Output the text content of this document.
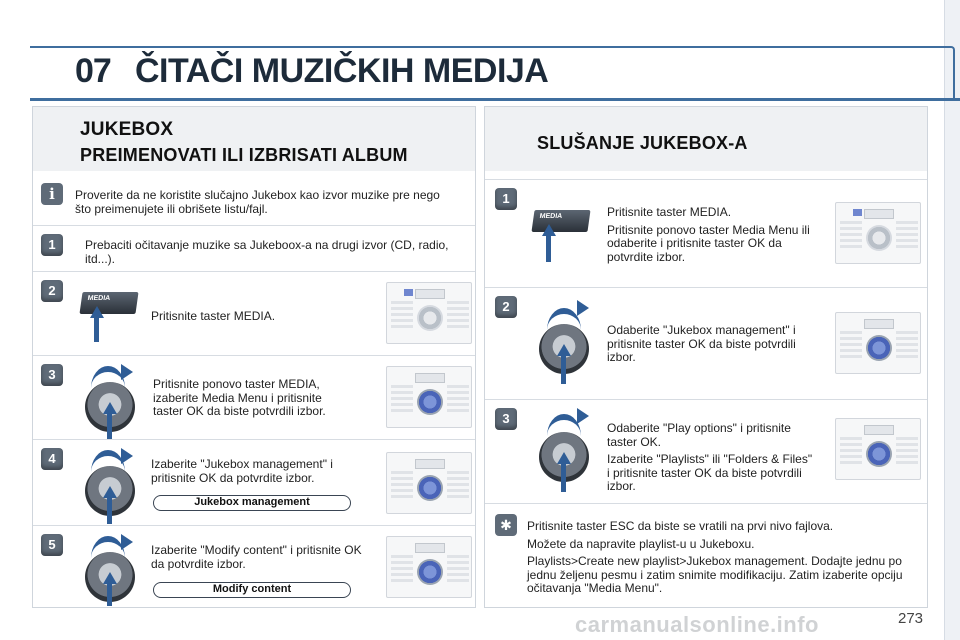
07 ČITAČI MUZIČKIH MEDIJA
JUKEBOX
PREIMENOVATI ILI IZBRISATI ALBUM
i	Proverite da ne koristite slučajno Jukebox kao izvor muzike pre nego što preimenujete ili obrišete listu/fajl.
1	Prebaciti očitavanje muzike sa Jukeboox-a na drugi izvor (CD, radio, itd...).
2
MEDIA
Pritisnite taster MEDIA.
3
Pritisnite ponovo taster MEDIA, izaberite Media Menu i pritisnite taster OK da biste potvrdili izbor.
4	Izaberite "Jukebox management" i pritisnite OK da potvrdite izbor.
Jukebox management
5	Izaberite "Modify content" i pritisnite OK da potvrdite izbor.
Modify content
SLUŠANJE JUKEBOX-A
1
MEDIA	Pritisnite taster MEDIA.

Pritisnite ponovo taster Media Menu ili odaberite i pritisnite taster OK da potvrdite izbor.

2
Odaberite "Jukebox management" i pritisnite taster OK da biste potvrdili izbor.
3

Odaberite "Play options" i pritisnite taster OK.

Izaberite "Playlists" ili "Folders & Files" i pritisnite taster OK da biste potvrdili izbor.

✱	Pritisnite taster ESC da biste se vratili na prvi nivo fajlova.

Možete da napravite playlist-u u Jukeboxu.

Playlists>Create new playlist>Jukebox management. Dodajte jednu po jednu željenu pesmu i zatim snimite modifikaciju. Zatim izaberite opciju očitavanja "Media Menu".

carmanualsonline.info	273
